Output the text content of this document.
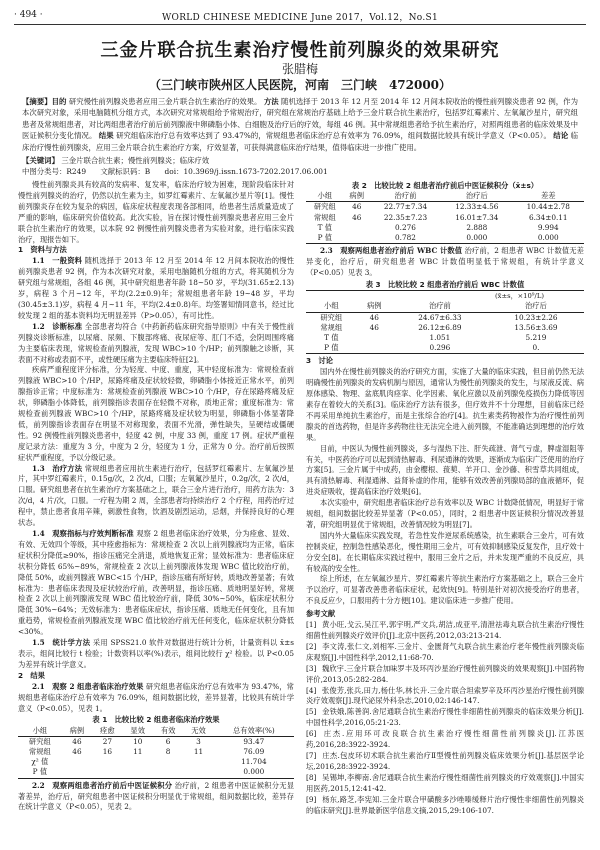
· 494 ·	WORLD CHINESE MEDICINE June 2017，Vol.12，No.S1
三金片联合抗生素治疗慢性前列腺炎的效果研究
张腊梅
（三门峡市陕州区人民医院，河南　三门峡　472000）
【摘要】目的 研究慢性前列腺炎患者应用三金片联合抗生素治疗的效果。 方法 随机选择于 2013 年 12 月至 2014 年 12 月间本院收治的慢性前列腺炎患者 92 例，作为本次研究对象，采用电脑随机分组方式，本次研究对常规组给予常规治疗，研究组在常规治疗基础上给予三金片联合抗生素治疗，包括罗红霉素片、左氧氟沙星片，研究组患者及常规组患者，对比两组患者治疗前后前列腺液中卵磷脂小体、白细胞及治疗后的疗效，每组 46 例。其中常规组患者给予抗生素治疗，对照两组患者的临床效果及中医证候积分变化情况。 结果 研究组临床治疗总有效率达到了 93.47%的，常规组患者临床治疗总有效率为 76.09%，组间数据比较具有统计学意义（P<0.05）。 结论 临床治疗慢性前列腺炎，应用三金片联合抗生素治疗方案，疗效显著，可获得满意临床治疗结果，值得临床进一步推广使用。
【关键词】 三金片联合抗生素；慢性前列腺炎；临床疗效
中图分类号：R249 文献标识码：B doi：10.3969/j.issn.1673-7202.2017.06.001

慢性前列腺炎具有较高的发病率、复发率，临床治疗较为困难，现阶段临床针对慢性前列腺炎的治疗，仍然以抗生素为主，如罗红霉素片、左氧氟沙星片等[1]。慢性前列腺炎存在较为复杂的病因，临床症状程度表现各部相同，给患者生活质量造成了严重的影响，临床研究价值较高。此次实验，旨在探讨慢性前列腺炎患者应用三金片联合抗生素治疗的效果，以本院 92 例慢性前列腺炎患者为实验对象，进行临床实践治疗，现报告如下。

1　资料与方法

1.1　一般资料 随机选择于 2013 年 12 月至 2014 年 12 月间本院收治的慢性前列腺炎患者 92 例，作为本次研究对象，采用电脑随机分组的方式，将其随机分为研究组与常规组，各组 46 例，其中研究组患者年龄 18~50 岁，平均(31.65±2.13)岁，病程 3 个月~12 年，平均(2.2±0.9)年；常规组患者年龄 19~48 岁，平均(30.45±3.1)岁，病程 4 月~11 年，平均(2.4±0.8)年。均签署知情同意书，经过比较发现 2 组的基本资料均无明显差异（P>0.05），有可比性。

1.2　诊断标准 全部患者均符合《中药新药临床研究指导原则》中有关于慢性前列腺炎诊断标准，以尿痛、尿频、下腹部疼痛、夜尿症等、肛门不适，会阴周围疼痛为主要临床表现，常规检查前列腺液，发现 WBC>10 个/HP；前列腺触之诊断，其表面不对称或表面不平，或性硬压痛为主要临床特征[2]。

疾病严重程度评分标准，分为轻度、中度、重度，其中轻度标准为：常规检查前列腺液 WBC>10 个/HP，尿路疼痛及症状较轻微，卵磷脂小体接近正常水平，前列腺指诊正常；中度标准为：常规检查前列腺液 WBC>10 个/HP，存在尿路疼痛及症状，卵磷脂小体降低，前列腺指诊表面存在轻微不对称，质地正常；重度标准为：常规检查前列腺液 WBC>10 个/HP，尿路疼痛及症状较为明显，卵磷脂小体显著降低，前列腺指诊表面存在明显不对称现象，表面不光滑，弹性缺失，呈硬结或僵硬性。92 例慢性前列腺炎患者中，轻度 42 例，中度 33 例，重度 17 例。症状严重程度记录方法：重度为 3 分，中度为 2 分，轻度为 1 分，正常为 0 分。治疗前后按照症状严重程度，予以分级记录。

1.3　治疗方法 常规组患者应用抗生素进行治疗，包括罗红霉素片、左氧氟沙星片，其中罗红霉素片，0.15g/次，2 次/d，口服；左氧氟沙星片，0.2g/次，2 次/d，口服。研究组患者在抗生素治疗方案基础之上，联合三金片进行治疗，用药方法为：3 次/d，4 片/次，口服。一疗程为期 2 周，全部患者均持续治疗 2 个疗程，用药治疗过程中，禁止患者食用辛辣，刺激性食物，饮酒及剧烈运动，忌烟，并保持良好的心理状态。

1.4　观察指标与疗效判断标准 观察 2 组患者临床治疗效果，分为痊愈、显效、有效、无效四个等级，其中痊愈指标为：常规检查 2 次以上前列腺液均为正常，临床症状积分降低≥90%，指诊压痛完全消退，质地恢复正常；显效标准为：患者临床症状积分降低 65%~89%，常规检查 2 次以上前列腺液体发现 WBC 值比较治疗前，降低 50%，或前列腺液 WBC<15 个/HP，指诊压痛有所好转，质地改善显著；有效标准为：患者临床表现及症状较治疗前，改善明显，指诊压痛、质地明显好转，常规检查 2 次以上前列腺液发现 WBC 值比较治疗前，降低 30%~50%，临床症状积分降低 30%~64%；无效标准为：患者临床症状，指诊压痛、质地无任何变化，且有加重趋势，常规检查前列腺液发现 WBC 值比较治疗前无任何变化，临床症状积分降低<30%。

1.5　统计学方法 采用 SPSS21.0 软件对数据进行统计分析，计量资料以 x̄±s 表示，组间比较行 t 检验；计数资料以率(%)表示，组间比较行 χ² 检验。以 P<0.05 为差异有统计学意义。

2　结果

2.1　观察 2 组患者临床治疗效果 研究组患者临床治疗总有效率为 93.47%，常规组患者临床治疗总有效率为 76.09%，组间数据比较，差异显著，比较具有统计学意义（P<0.05），见表 1。

表 1　比较比较 2 组患者临床治疗效果						
小组	病例	痊愈	显效	有效	无效	总有效率(%)
研究组	46	27	10	6	3	93.47
常规组	46	16	11	8	11	76.09
χ² 值						11.704
P 值						0.000

2.2　观察两组患者治疗前后中医证候积分 治疗前，2 组患者中医证候积分无显著差异，治疗后，研究组患者中医证候积分明显优于常规组，组间数据比较，差异存在统计学意义（P<0.05），见表 2。

表 2　比较比较 2 组患者治疗前后中医证候积分（x̄±s）				
小组	病例	治疗前	治疗后	差差
研究组	46	22.77±7.34	12.33±4.56	10.44±2.78
常规组	46	22.35±7.23	16.01±7.34	6.34±0.11
T 值		0.276	2.888	9.994
P 值		0.782	0.000	0.000

2.3　观察两组患者治疗前后 WBC 计数值 治疗前，2 组患者 WBC 计数值无差异变化，治疗后，研究组患者 WBC 计数值明显低于常规组，有统计学意义（P<0.05）见表 3。

表 3　比较比较 2 组患者治疗前后 WBC 计数值			
(x̄±s，×10⁹/L)			
小组	病例	治疗前	治疗后
研究组	46	24.67±6.33	10.23±2.26
常规组	46	26.12±6.89	13.56±3.69
T 值		1.051	5.219
P 值		0.296	0.

3　讨论

国内外在慢性前列腺炎的治疗研究方面，实施了大量的临床实践，但目前仍然无法明确慢性前列腺炎的发病机制与原因，通常认为慢性前列腺炎的发生，与尿液反流、病原体感染、物理、盆底肌肉痉挛、化学因素、氧化应激以及前列腺免疫损伤力降低等因素存在着较大的关系[3]。临床治疗方法有很多，但疗效并不十分理想，目前临床已经不再采用单纯抗生素治疗，而是主张综合治疗[4]。抗生素类药物被作为治疗慢性前列腺炎的首选药物，但是许多药物往往无法完全进入前列腺，不能准确达到理想的治疗效果。

目前，中医认为慢性前列腺炎，多与湿热下注、肝失疏泄、肾气亏虚，脾虚湿阻等有关，中医药治疗可以起到清热解毒、利尿通淋的效果，逐渐成为临床广泛使用的治疗方案[5]。三金片属于中成药，由金樱根、菝葜、羊开口、金沙藤、积雪草共同组成，具有清热解毒、利湿通淋、益肾补虚的作用，能够有效改善前列腺局部的血液循环，促进炎症吸收，提高临床治疗效果[6]。

本次实验中，研究组患者临床治疗总有效率以及 WBC 计数降低情况，明显好于常规组，组间数据比较差异显著（P<0.05），同时，2 组患者中医证候积分情况改善显著，研究组明显优于常规组，改善情况较为明显[7]。

国内外大量临床实践发现，若急性发作逆尿系统感染，抗生素联合三金片，可有效控制炎症，控制急性感染恶化，慢性期用三金片，可有效抑制感染反复发作，且疗效十分安全[8]。在长期临床实践过程中，服用三金片之后，并未发现严重的不良反应，具有较高的安全性。

综上所述，在左氧氟沙星片、罗红霉素片等抗生素治疗方案基础之上，联合三金片予以治疗，可显著改善患者临床症状，起效快[9]。特别是针对初次接受治疗的患者，不良反应少，口服用药十分方便[10]。建议临床进一步推广使用。

参考文献

[1] 黄小旺,戈云,吴江平,郭宇明,严文兵,胡洁,成亚平,清泄祛毒丸联合抗生素治疗慢性细菌性前列腺炎疗效评价[J].北京中医药,2012,03:213-214.

[2] 李文涛,张仁文,刘相军.三金片、金匮肾气丸联合抗生素治疗老年慢性前列腺炎临床观察[J].中国性科学,2012,11:68-70.

[3] 魏欣宇.三金片联合加味罗丰及环丙沙星治疗慢性前列腺炎的效果观察[J].中国药物评价,2013,05:282-284.

[4] 张俊芳,张兵,田力,杨仕华,林长升.三金片联合坦索罗辛及环丙沙星治疗慢性前列腺炎疗效观察[J].现代泌尿外科杂志,2010,02:146-147.

[5] 金铁娥,陈善润.舍尼通联合抗生素治疗慢性非细菌性前列腺炎的临床效果分析[J].中国性科学,2016,05:21-23.

[6] 庄杰.应用环可改良联合抗生素治疗慢性细菌性前列腺炎[J].江苏医药,2016,28:3922-3924.

[7] 庄杰.包皮环切术联合抗生素治疗Ⅱ型慢性前列腺炎临床效果分析[J].基层医学论坛,2016,28:3922-3924.

[8] 吴锡坤,李柳南.舍尼通联合抗生素治疗慢性细菌性前列腺炎的疗效观察[J].中国实用医药,2015,12:41-42.

[9] 杨东,路芝,李宪知.三金片联合甲磺酸多沙唑嗪缓释片治疗慢性非细菌性前列腺炎的临床研究[J].世界最新医学信息文摘,2015,29:106-107.
